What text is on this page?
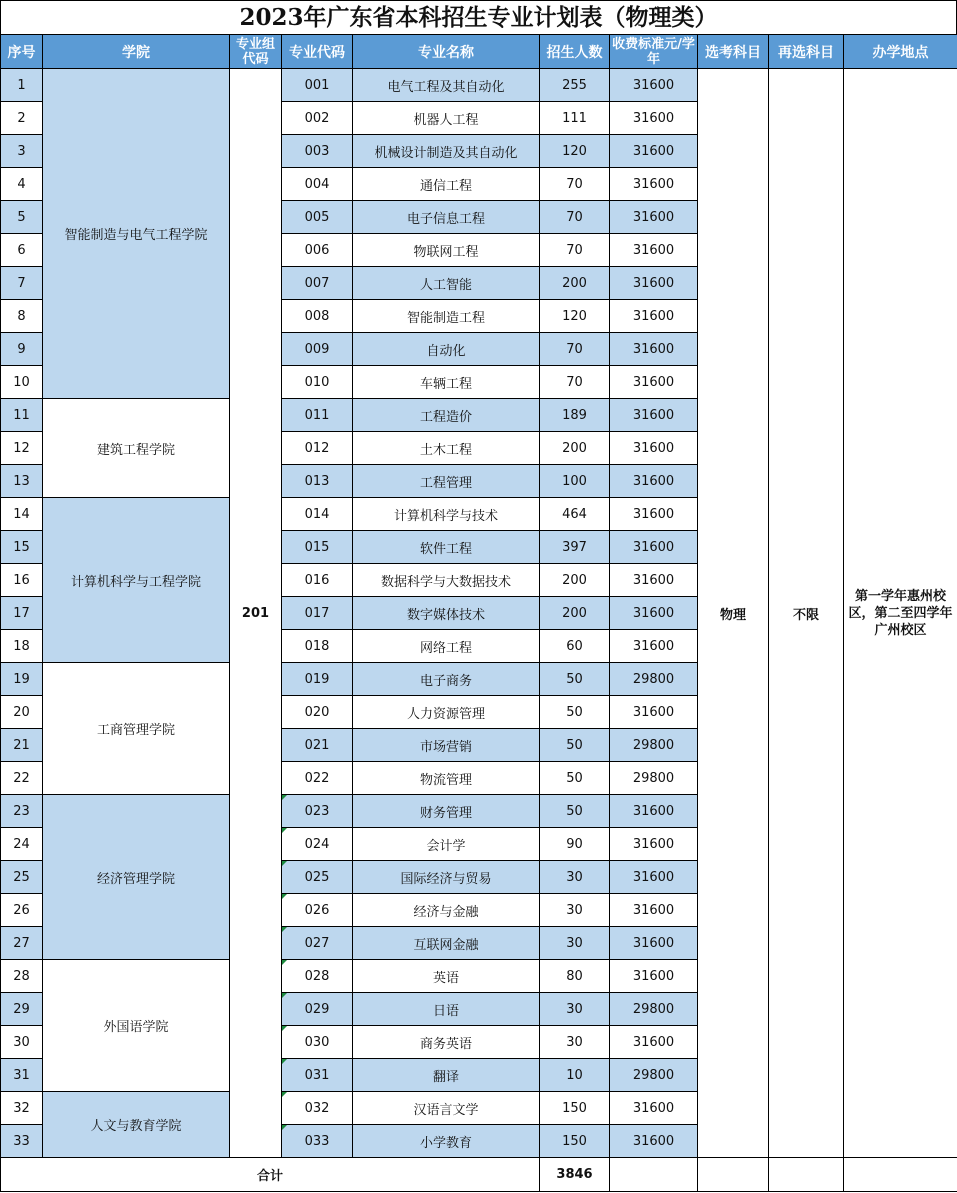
2023年广东省本科招生专业计划表（物理类）
序号	学院	专业组代码	专业代码	专业名称	招生人数	收费标准元/学年	选考科目	再选科目	办学地点
1	智能制造与电气工程学院	201	001	电气工程及其自动化	255	31600	物理	不限	第一学年惠州校区，第二至四学年广州校区
2			002	机器人工程	111	31600			
3			003	机械设计制造及其自动化	120	31600			
4			004	通信工程	70	31600			
5			005	电子信息工程	70	31600			
6			006	物联网工程	70	31600			
7			007	人工智能	200	31600			
8			008	智能制造工程	120	31600			
9			009	自动化	70	31600			
10			010	车辆工程	70	31600			
11	建筑工程学院		011	工程造价	189	31600			
12			012	土木工程	200	31600			
13			013	工程管理	100	31600			
14	计算机科学与工程学院		014	计算机科学与技术	464	31600			
15			015	软件工程	397	31600			
16			016	数据科学与大数据技术	200	31600			
17			017	数字媒体技术	200	31600			
18			018	网络工程	60	31600			
19	工商管理学院		019	电子商务	50	29800			
20			020	人力资源管理	50	31600			
21			021	市场营销	50	29800			
22			022	物流管理	50	29800			
23	经济管理学院		023	财务管理	50	31600			
24			024	会计学	90	31600			
25			025	国际经济与贸易	30	31600			
26			026	经济与金融	30	31600			
27			027	互联网金融	30	31600			
28	外国语学院		028	英语	80	31600			
29			029	日语	30	29800			
30			030	商务英语	30	31600			
31			031	翻译	10	29800			
32	人文与教育学院		032	汉语言文学	150	31600			
33			033	小学教育	150	31600			
合计					3846				
